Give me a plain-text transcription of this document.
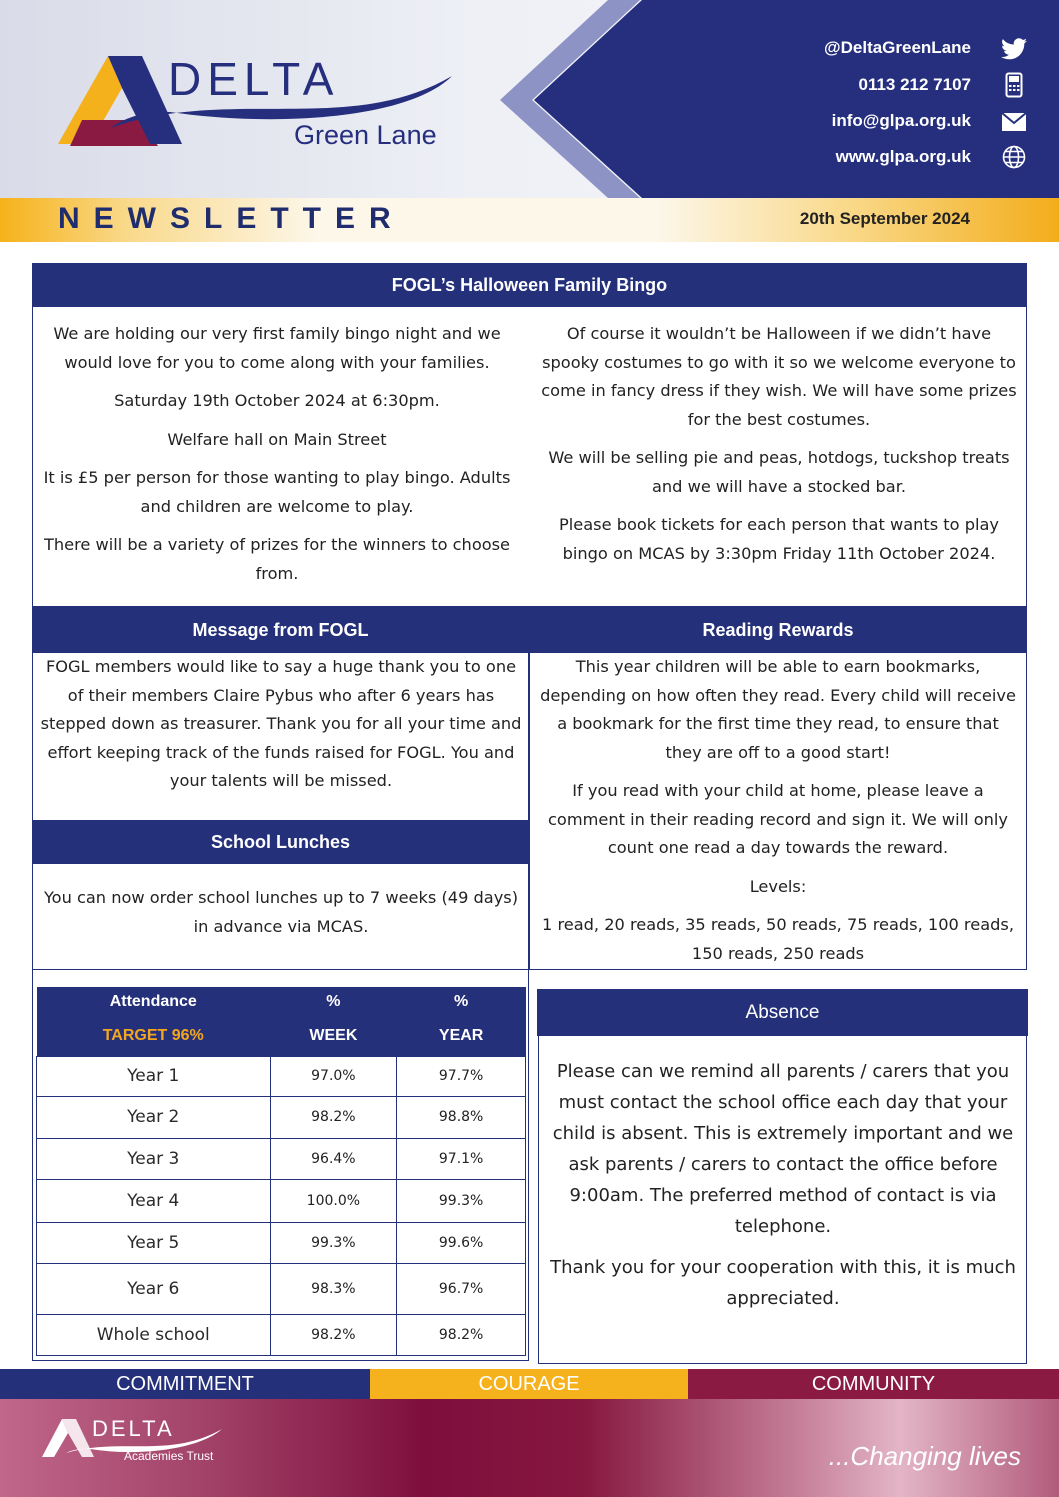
DELTA
Green Lane
@DeltaGreenLane
0113 212 7107
info@glpa.org.uk
www.glpa.org.uk
NEWSLETTER	20th September 2024
FOGL’s Halloween Family Bingo

We are holding our very first family bingo night and we would love for you to come along with your families.

Saturday 19th October 2024 at 6:30pm.

Welfare hall on Main Street

It is £5 per person for those wanting to play bingo. Adults and children are welcome to play.

There will be a variety of prizes for the winners to choose from.

Of course it wouldn’t be Halloween if we didn’t have spooky costumes to go with it so we welcome everyone to come in fancy dress if they wish. We will have some prizes for the best costumes.

We will be selling pie and peas, hotdogs, tuckshop treats and we will have a stocked bar.

Please book tickets for each person that wants to play bingo on MCAS by 3:30pm Friday 11th October 2024.

Message from FOGL
FOGL members would like to say a huge thank you to one of their members Claire Pybus who after 6 years has stepped down as treasurer. Thank you for all your time and effort keeping track of the funds raised for FOGL. You and your talents will be missed.
School Lunches
You can now order school lunches up to 7 weeks (49 days) in advance via MCAS.
Reading Rewards

This year children will be able to earn bookmarks, depending on how often they read. Every child will receive a bookmark for the first time they read, to ensure that they are off to a good start!

If you read with your child at home, please leave a comment in their reading record and sign it. We will only count one read a day towards the reward.

Levels:

1 read, 20 reads, 35 reads, 50 reads, 75 reads, 100 reads, 150 reads, 250 reads

Attendance	%	%
TARGET 96%	WEEK	YEAR
Year 1	97.0%	97.7%
Year 2	98.2%	98.8%
Year 3	96.4%	97.1%
Year 4	100.0%	99.3%
Year 5	99.3%	99.6%
Year 6	98.3%	96.7%
Whole school	98.2%	98.2%
Absence

Please can we remind all parents / carers that you must contact the school office each day that your child is absent. This is extremely important and we ask parents / carers to contact the office before 9:00am. The preferred method of contact is via telephone.

Thank you for your cooperation with this, it is much appreciated.

COMMITMENT	COURAGE	COMMUNITY
DELTA
Academies Trust	...Changing lives
